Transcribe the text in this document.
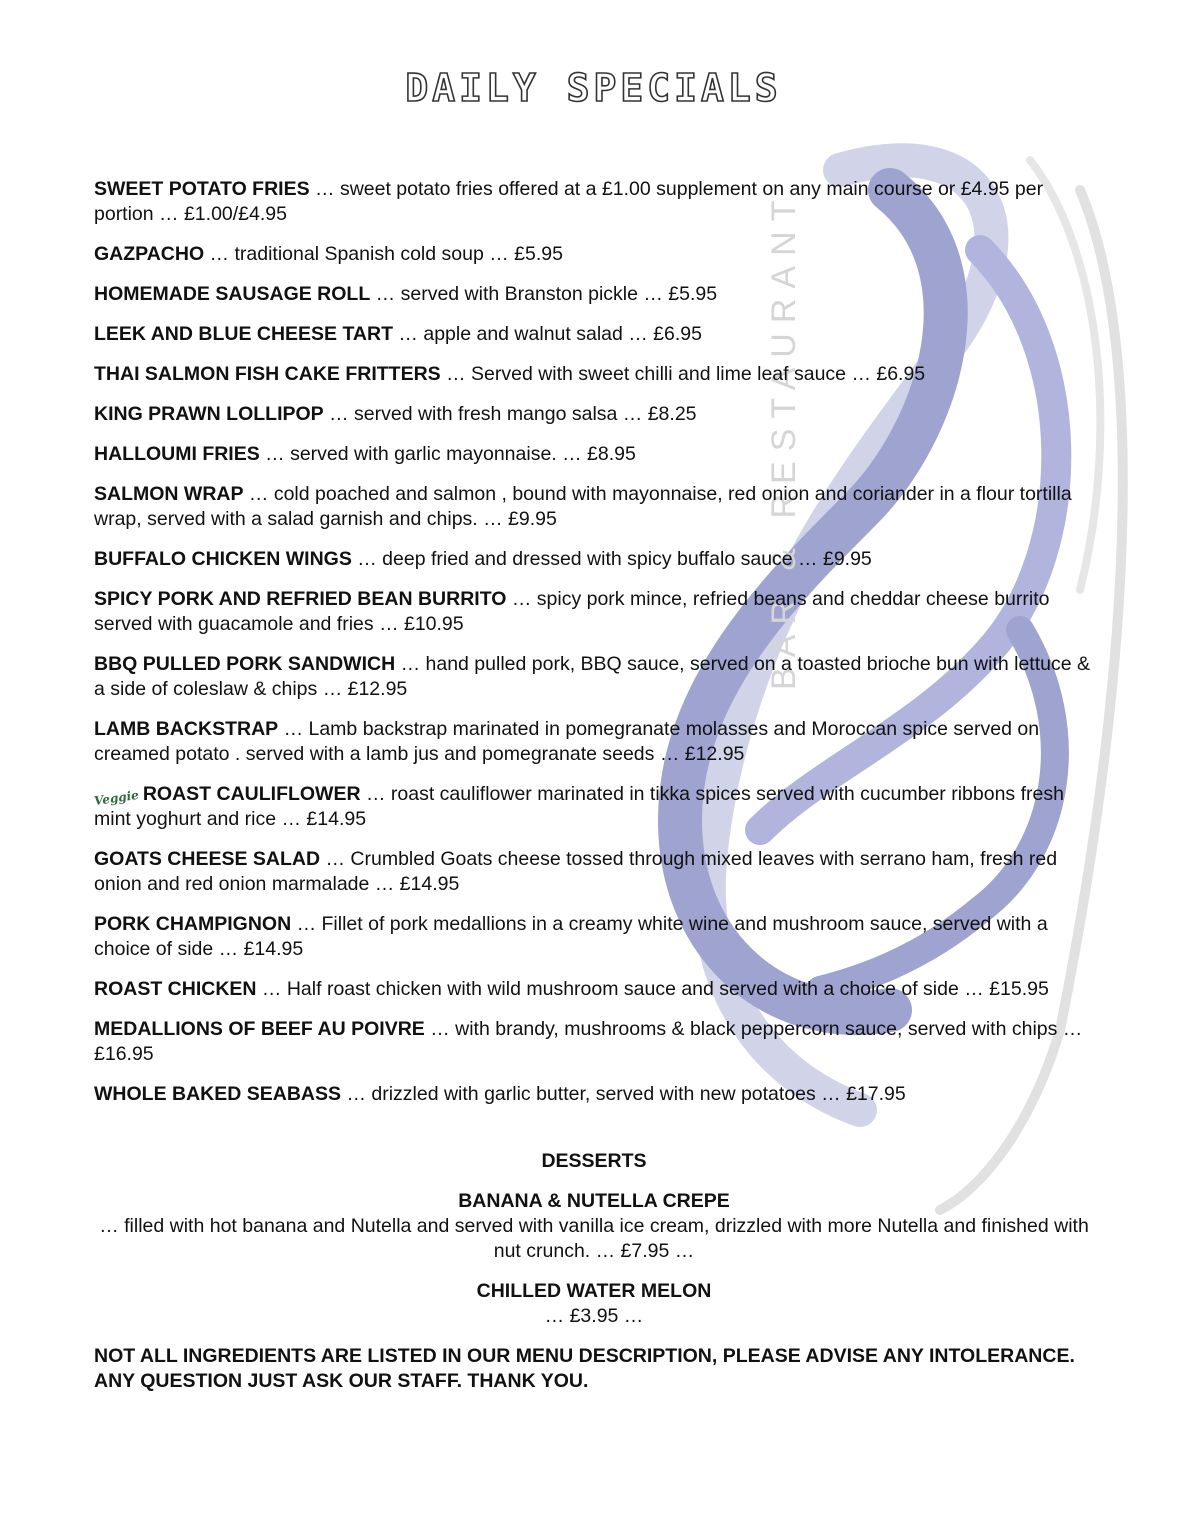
BAR & RESTAURANT
DAILY SPECIALS

SWEET POTATO FRIES … sweet potato fries offered at a £1.00 supplement on any main course or £4.95 per portion … £1.00/£4.95

GAZPACHO … traditional Spanish cold soup … £5.95

HOMEMADE SAUSAGE ROLL … served with Branston pickle … £5.95

LEEK AND BLUE CHEESE TART … apple and walnut salad … £6.95

THAI SALMON FISH CAKE FRITTERS … Served with sweet chilli and lime leaf sauce … £6.95

KING PRAWN LOLLIPOP … served with fresh mango salsa … £8.25

HALLOUMI FRIES … served with garlic mayonnaise. … £8.95

SALMON WRAP … cold poached and salmon , bound with mayonnaise, red onion and coriander in a flour tortilla wrap, served with a salad garnish and chips. … £9.95

BUFFALO CHICKEN WINGS … deep fried and dressed with spicy buffalo sauce … £9.95

SPICY PORK AND REFRIED BEAN BURRITO … spicy pork mince, refried beans and cheddar cheese burrito served with guacamole and fries … £10.95

BBQ PULLED PORK SANDWICH … hand pulled pork, BBQ sauce, served on a toasted brioche bun with lettuce & a side of coleslaw & chips … £12.95

LAMB BACKSTRAP … Lamb backstrap marinated in pomegranate molasses and Moroccan spice served on creamed potato . served with a lamb jus and pomegranate seeds … £12.95

Veggie ROAST CAULIFLOWER … roast cauliflower marinated in tikka spices served with cucumber ribbons fresh mint yoghurt and rice … £14.95

GOATS CHEESE SALAD … Crumbled Goats cheese tossed through mixed leaves with serrano ham, fresh red onion and red onion marmalade … £14.95

PORK CHAMPIGNON … Fillet of pork medallions in a creamy white wine and mushroom sauce, served with a choice of side … £14.95

ROAST CHICKEN … Half roast chicken with wild mushroom sauce and served with a choice of side … £15.95

MEDALLIONS OF BEEF AU POIVRE … with brandy, mushrooms & black peppercorn sauce, served with chips … £16.95

WHOLE BAKED SEABASS … drizzled with garlic butter, served with new potatoes … £17.95

DESSERTS
BANANA & NUTELLA CREPE
… filled with hot banana and Nutella and served with vanilla ice cream, drizzled with more Nutella and finished with nut crunch. … £7.95 …
CHILLED WATER MELON
… £3.95 …
NOT ALL INGREDIENTS ARE LISTED IN OUR MENU DESCRIPTION, PLEASE ADVISE ANY INTOLERANCE. ANY QUESTION JUST ASK OUR STAFF. THANK YOU.
